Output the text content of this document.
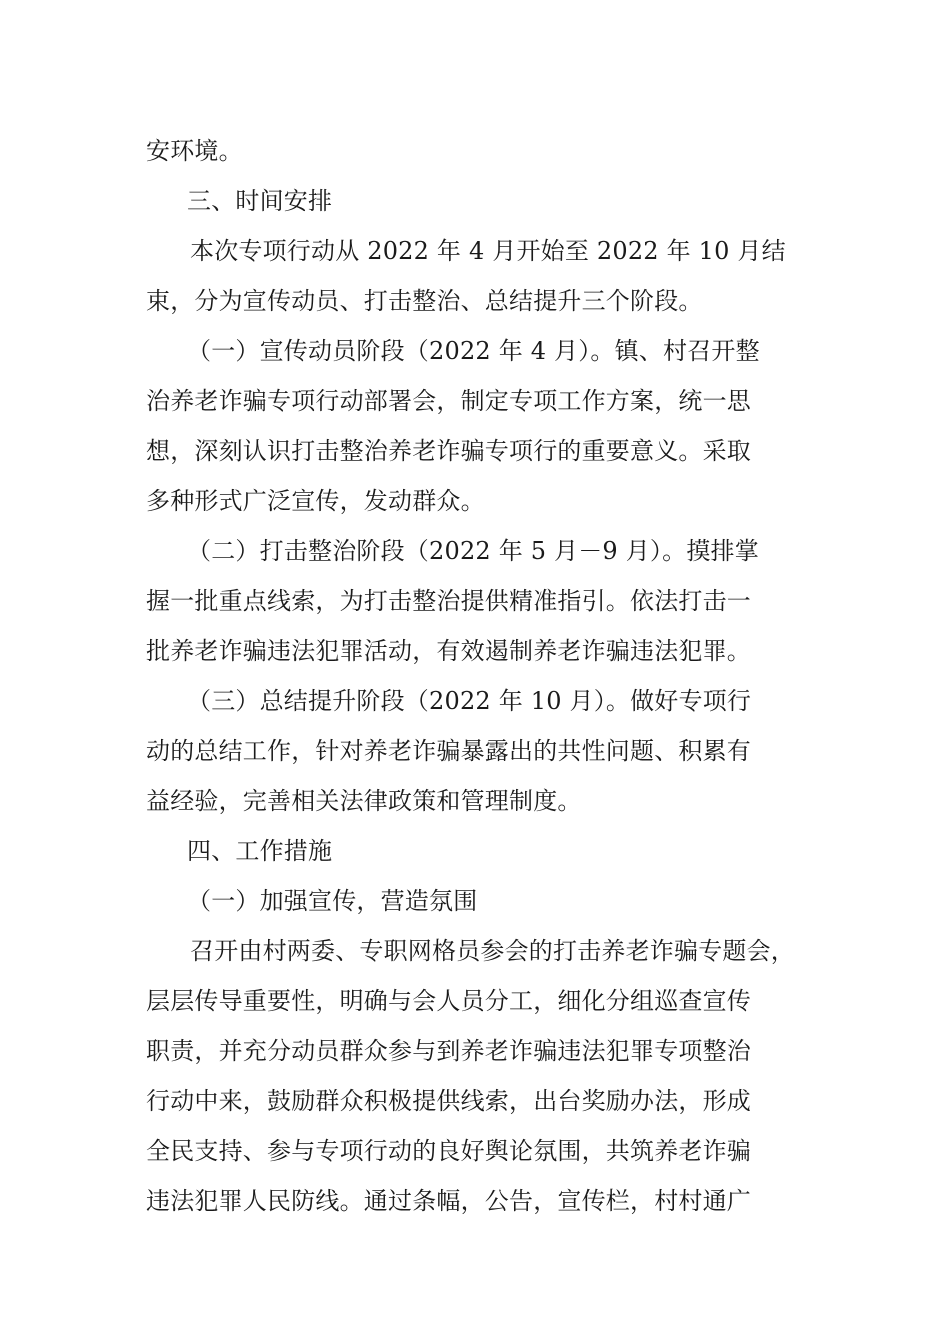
安环境。
三、时间安排
本次专项行动从 2022 年 4 月开始至 2022 年 10 月结
束，分为宣传动员、打击整治、总结提升三个阶段。
（一）宣传动员阶段（2022 年 4 月）。镇、村召开整
治养老诈骗专项行动部署会，制定专项工作方案，统一思
想，深刻认识打击整治养老诈骗专项行的重要意义。采取
多种形式广泛宣传，发动群众。
（二）打击整治阶段（2022 年 5 月－9 月）。摸排掌
握一批重点线索，为打击整治提供精准指引。依法打击一
批养老诈骗违法犯罪活动，有效遏制养老诈骗违法犯罪。
（三）总结提升阶段（2022 年 10 月）。做好专项行
动的总结工作，针对养老诈骗暴露出的共性问题、积累有
益经验，完善相关法律政策和管理制度。
四、工作措施
（一）加强宣传，营造氛围
召开由村两委、专职网格员参会的打击养老诈骗专题会，
层层传导重要性，明确与会人员分工，细化分组巡查宣传
职责，并充分动员群众参与到养老诈骗违法犯罪专项整治
行动中来，鼓励群众积极提供线索，出台奖励办法，形成
全民支持、参与专项行动的良好舆论氛围，共筑养老诈骗
违法犯罪人民防线。通过条幅，公告，宣传栏，村村通广
